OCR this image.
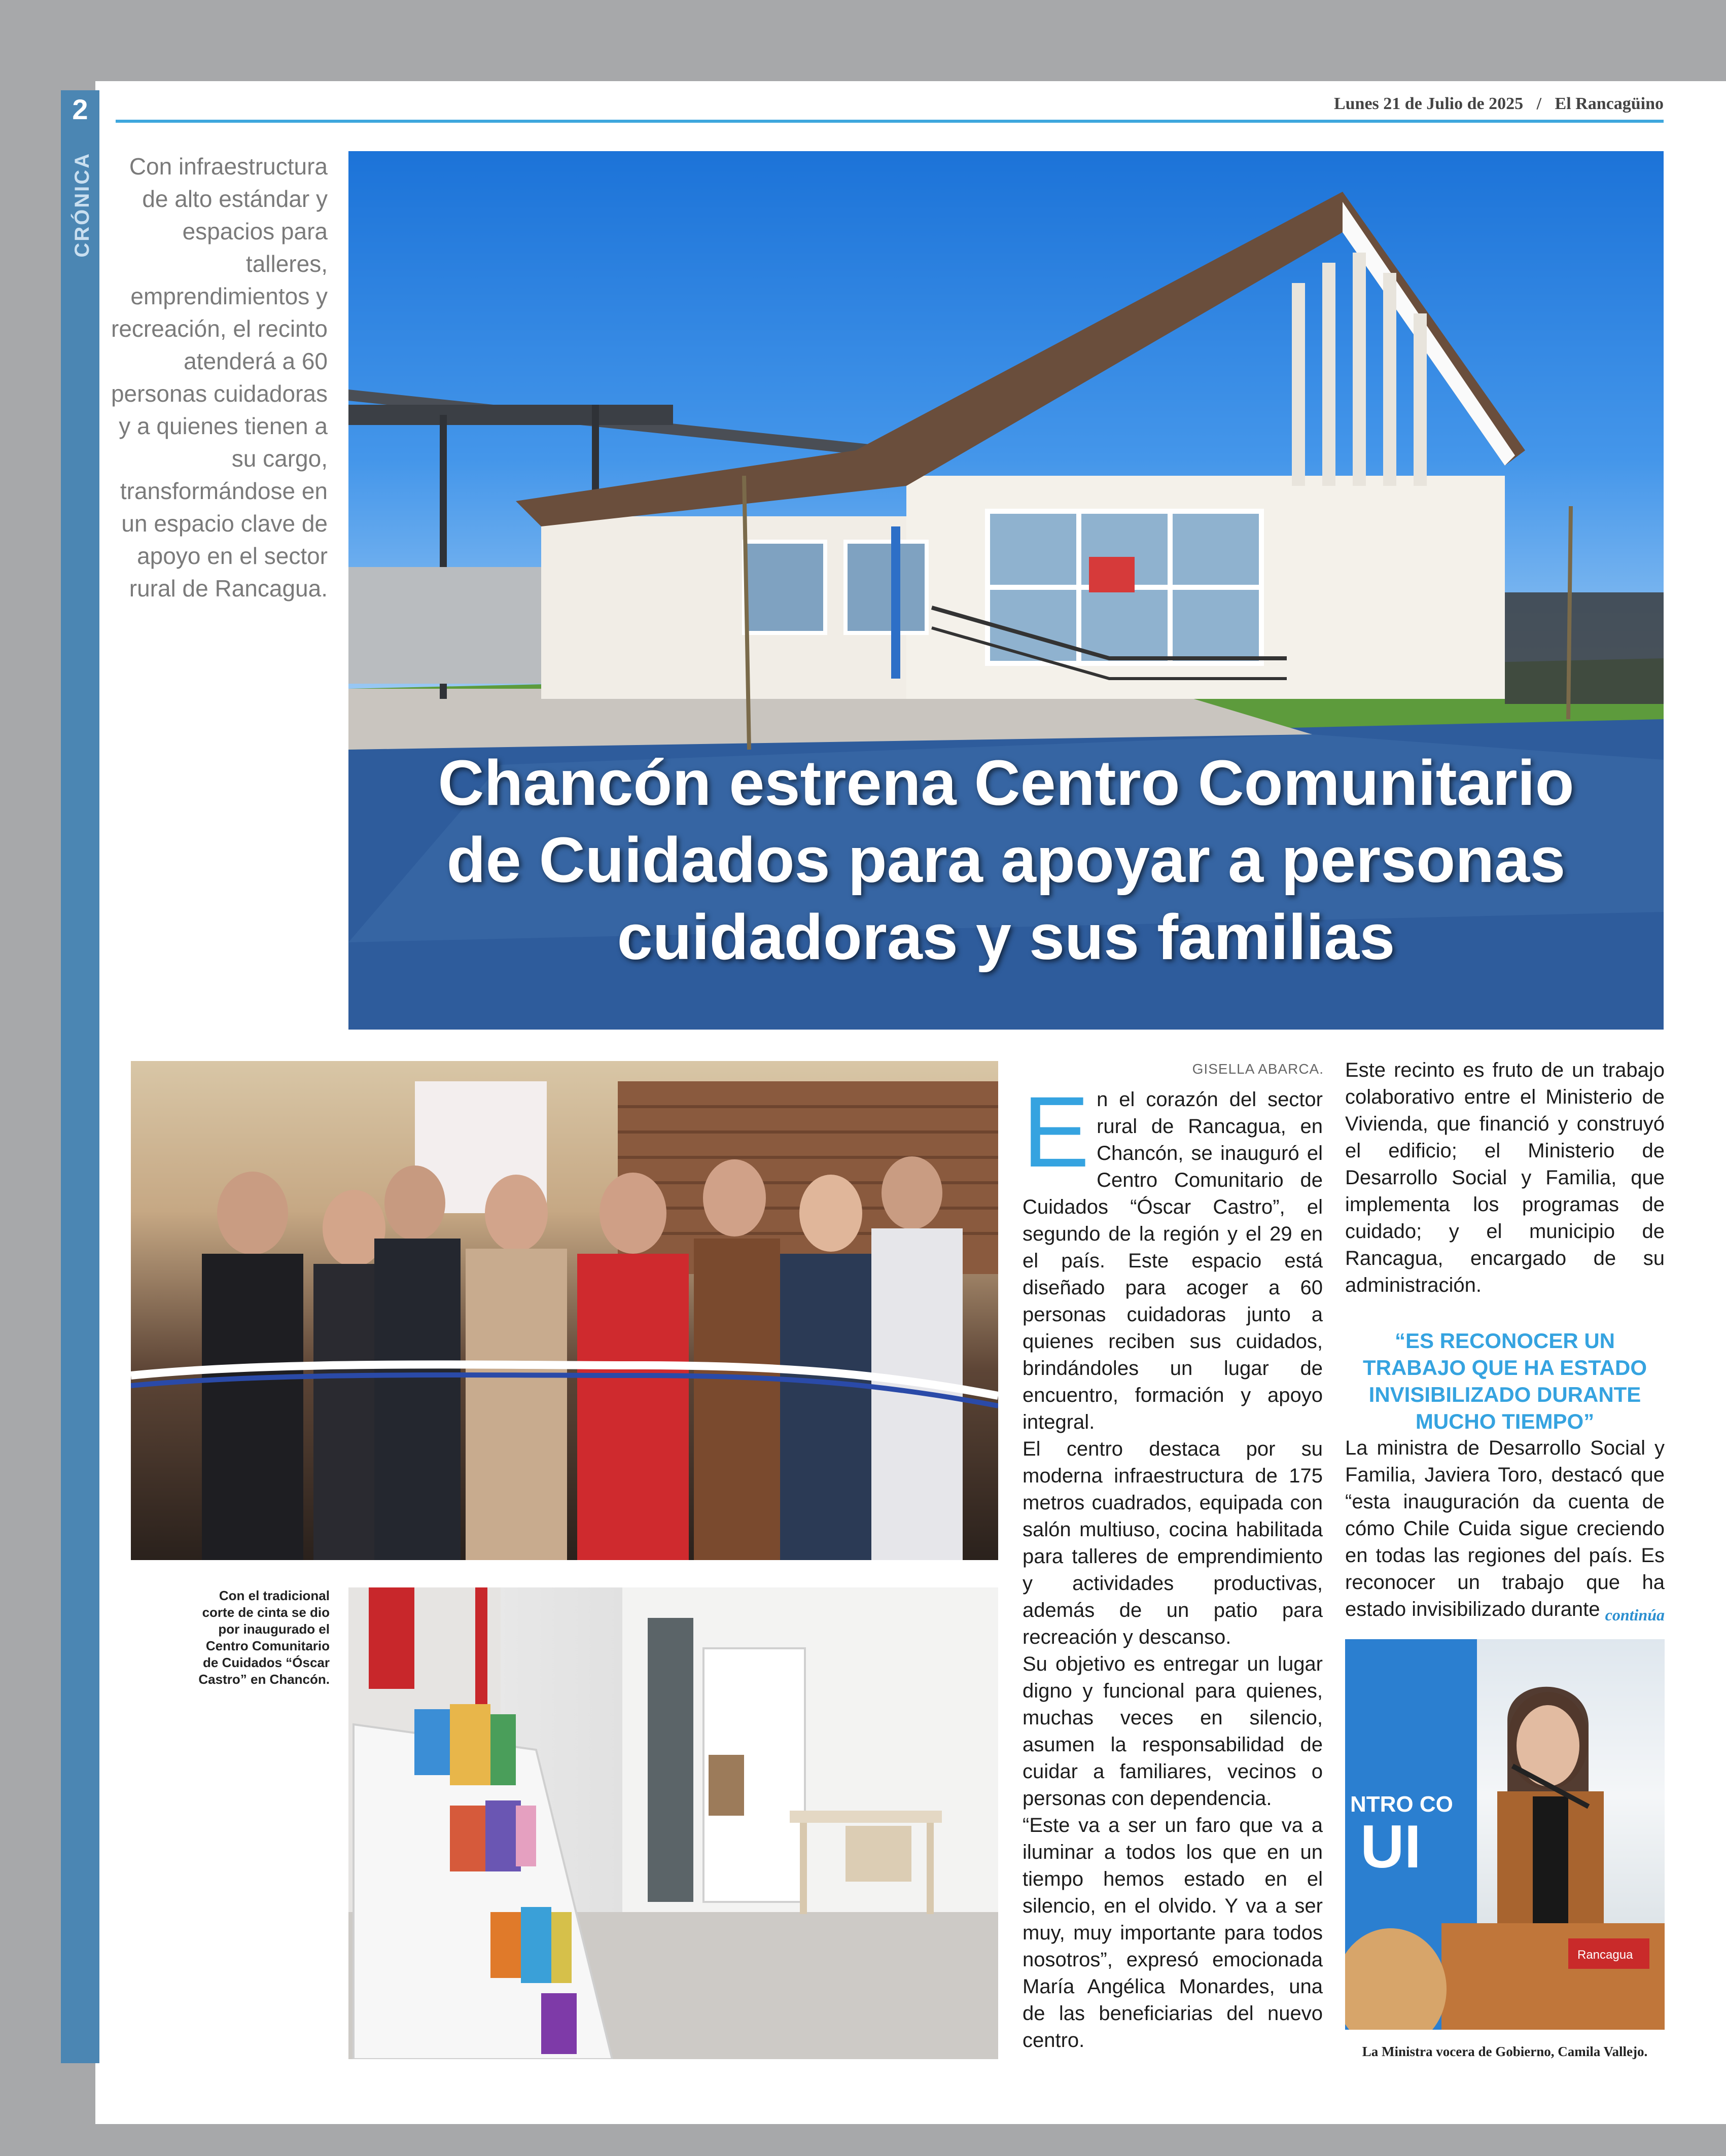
2
CRÓNICA
Lunes 21 de Julio de 2025 / El Rancagüino
Con infraestructura de alto estándar y espacios para talleres, emprendimientos y recreación, el recinto atenderá a 60 personas cuidadoras y a quienes tienen a su cargo, transformándose en un espacio clave de apoyo en el sector rural de Rancagua.
Chancón estrena Centro Comunitario
de Cuidados para apoyar a personas
cuidadoras y sus familias
Con el tradicional corte de cinta se dio por inaugurado el Centro Comunitario de Cuidados “Óscar Castro” en Chancón.
GISELLA ABARCA.
E n el corazón del sector rural de Rancagua, en Chancón, se inauguró el Centro Comunitario de Cuidados “Óscar Castro”, el segundo de la región y el 29 en el país. Este espacio está diseñado para acoger a 60 personas cuidadoras junto a quienes reciben sus cuidados, brindándoles un lugar de encuentro, formación y apoyo integral.

El centro destaca por su moderna infraestructura de 175 metros cuadrados, equipada con salón multiuso, cocina habilitada para talleres de emprendimiento y actividades productivas, además de un patio para recreación y descanso.

Su objetivo es entregar un lugar digno y funcional para quienes, muchas veces en silencio, asumen la responsabilidad de cuidar a familiares, vecinos o personas con dependencia.

“Este va a ser un faro que va a iluminar a todos los que en un tiempo hemos estado en el silencio, en el olvido. Y va a ser muy, muy importante para todos nosotros”, expresó emocionada María Angélica Monardes, una de las beneficiarias del nuevo centro.

Este recinto es fruto de un trabajo colaborativo entre el Ministerio de Vivienda, que financió y construyó el edificio; el Ministerio de Desarrollo Social y Familia, que implementa los programas de cuidado; y el municipio de Rancagua, encargado de su administración.

“ES RECONOCER UN TRABAJO QUE HA ESTADO INVISIBILIZADO DURANTE MUCHO TIEMPO”

La ministra de Desarrollo Social y Familia, Javiera Toro, destacó que “esta inauguración da cuenta de cómo Chile Cuida sigue creciendo en todas las regiones del país. Es reconocer un trabajo que ha estado invisibilizado durante continúa
NTRO CO
UI
Rancagua
La Ministra vocera de Gobierno, Camila Vallejo.
